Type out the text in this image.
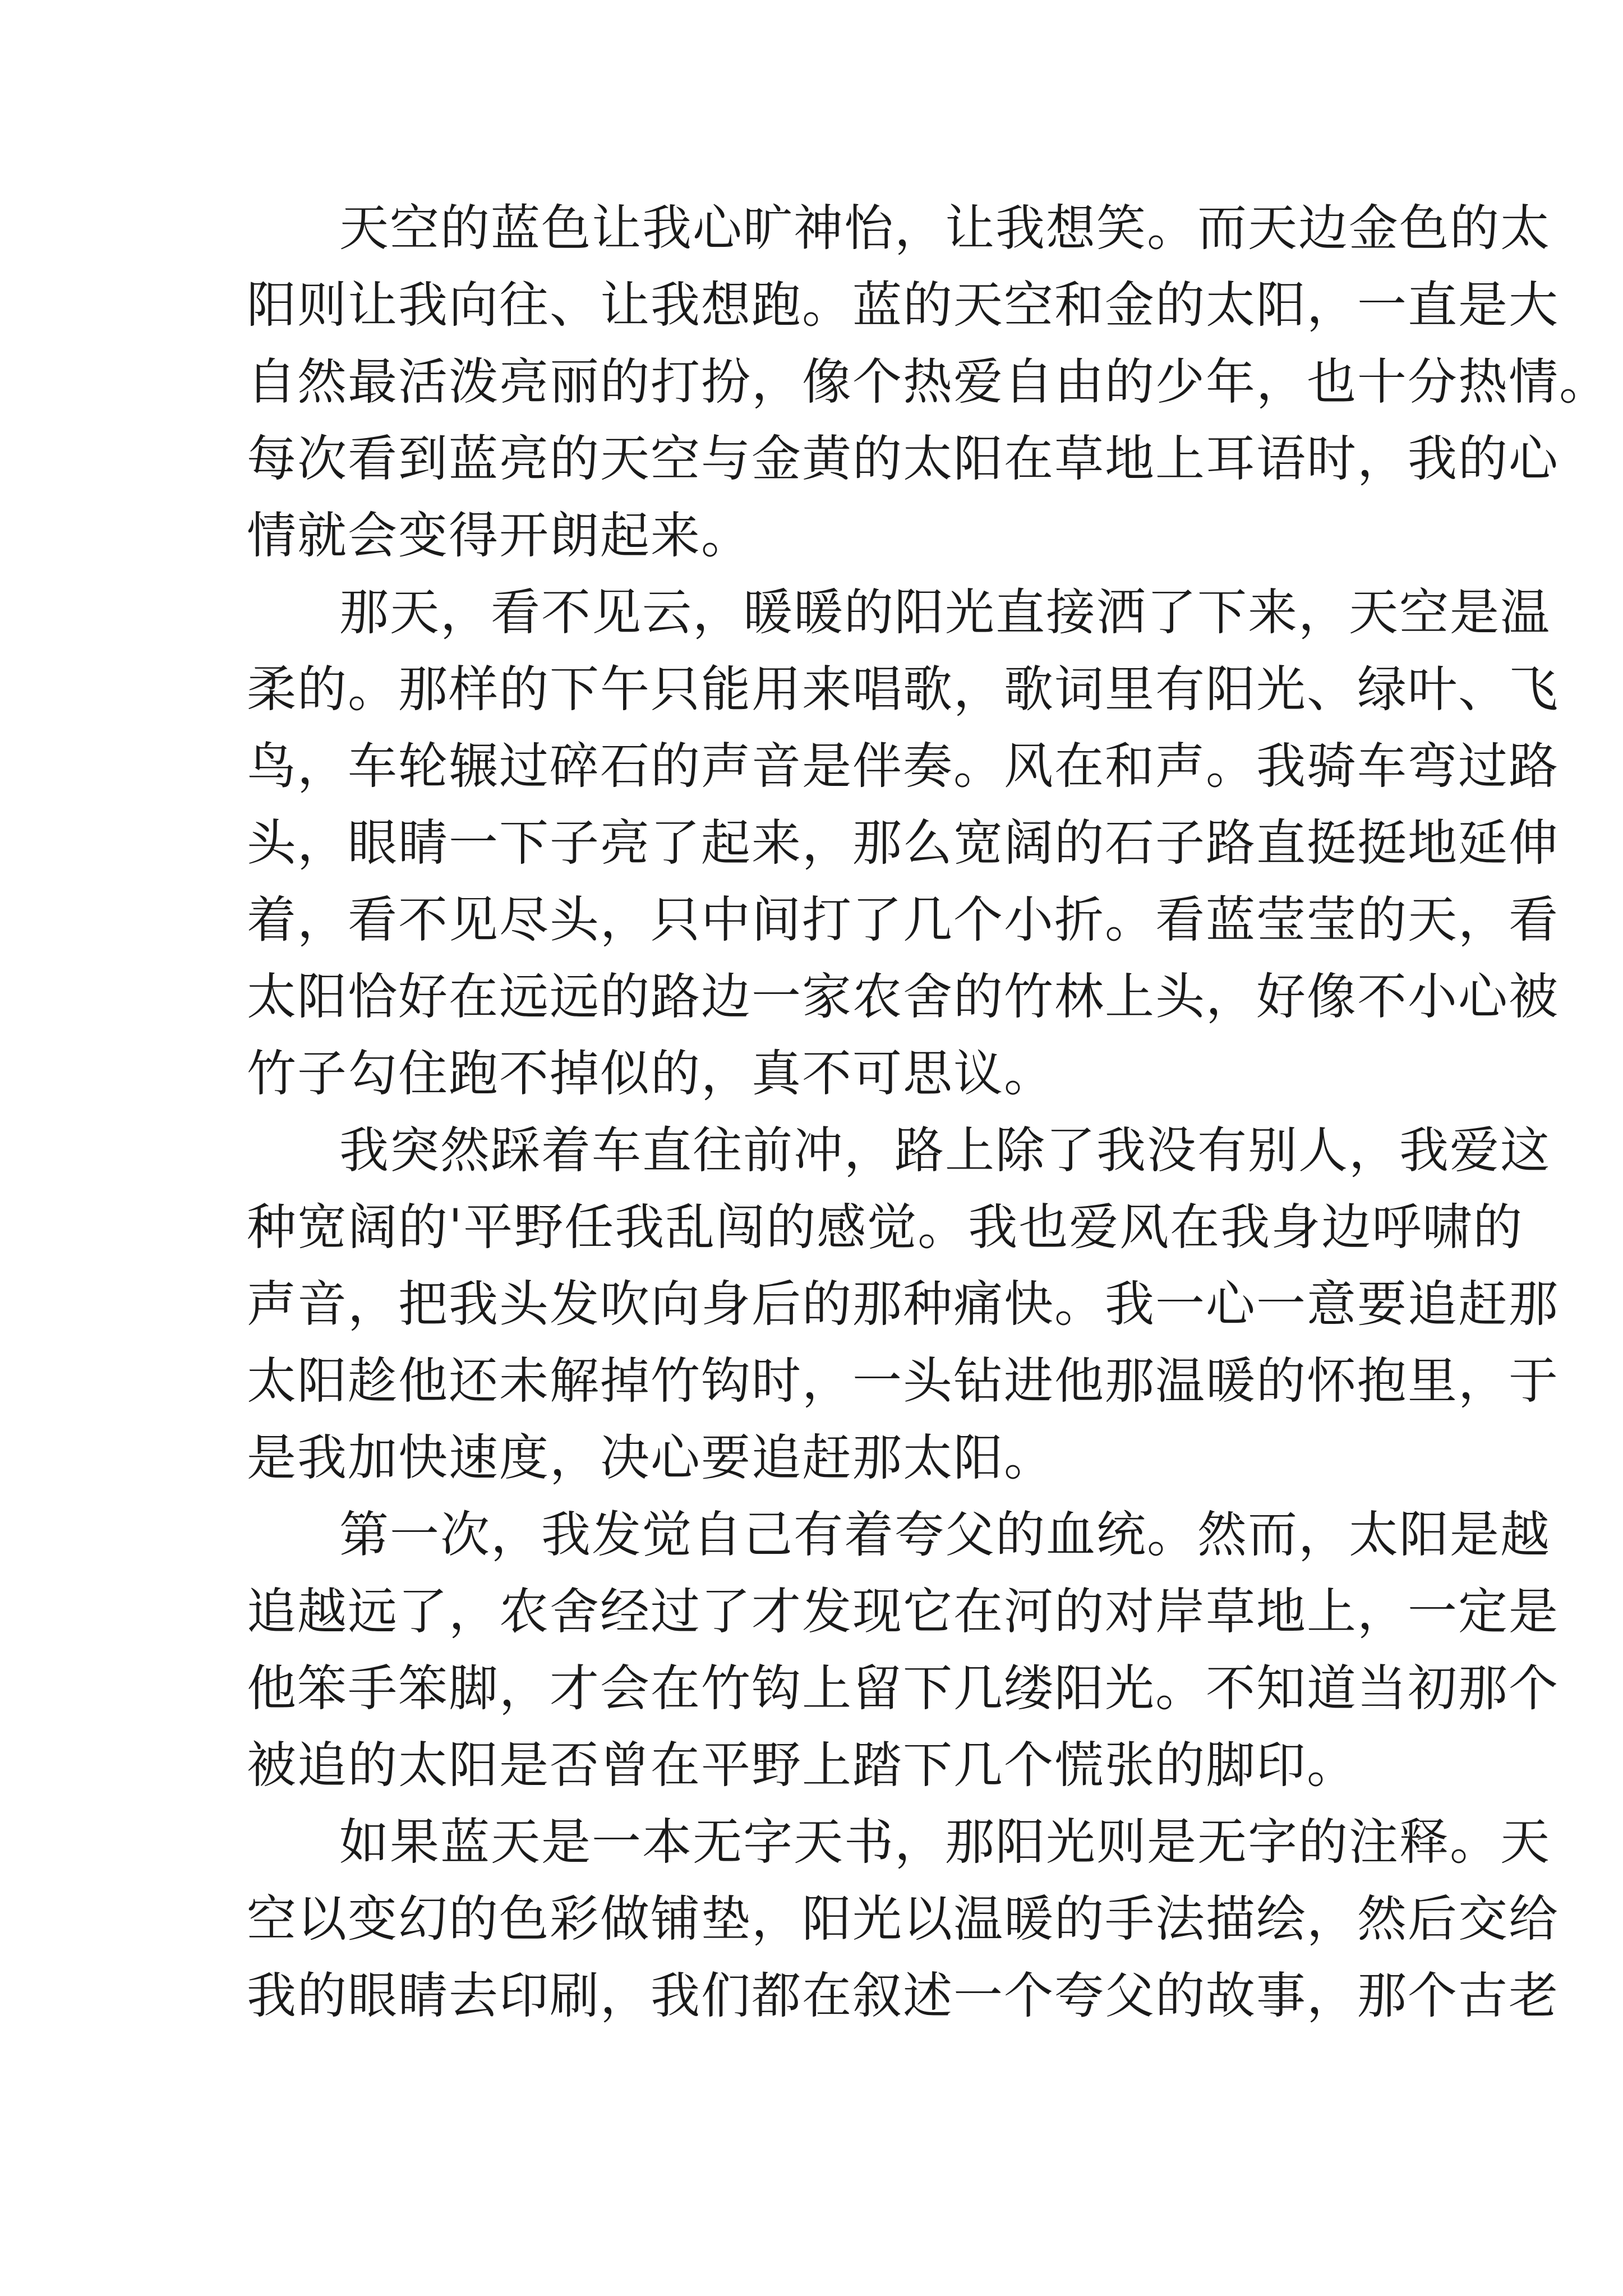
天空的蓝色让我心旷神怡，让我想笑。而天边金色的太
阳则让我向往、让我想跑。蓝的天空和金的太阳，一直是大
自然最活泼亮丽的打扮，像个热爱自由的少年，也十分热情。
每次看到蓝亮的天空与金黄的太阳在草地上耳语时，我的心
情就会变得开朗起来。
那天，看不见云，暖暖的阳光直接洒了下来，天空是温
柔的。那样的下午只能用来唱歌，歌词里有阳光、绿叶、飞
鸟，车轮辗过碎石的声音是伴奏。风在和声。我骑车弯过路
头，眼睛一下子亮了起来，那么宽阔的石子路直挺挺地延伸
着，看不见尽头，只中间打了几个小折。看蓝莹莹的天，看
太阳恰好在远远的路边一家农舍的竹林上头，好像不小心被
竹子勾住跑不掉似的，真不可思议。
我突然踩着车直往前冲，路上除了我没有别人，我爱这
种宽阔的'平野任我乱闯的感觉。我也爱风在我身边呼啸的
声音，把我头发吹向身后的那种痛快。我一心一意要追赶那
太阳趁他还未解掉竹钩时，一头钻进他那温暖的怀抱里，于
是我加快速度，决心要追赶那太阳。
第一次，我发觉自己有着夸父的血统。然而，太阳是越
追越远了，农舍经过了才发现它在河的对岸草地上，一定是
他笨手笨脚，才会在竹钩上留下几缕阳光。不知道当初那个
被追的太阳是否曾在平野上踏下几个慌张的脚印。
如果蓝天是一本无字天书，那阳光则是无字的注释。天
空以变幻的色彩做铺垫，阳光以温暖的手法描绘，然后交给
我的眼睛去印刷，我们都在叙述一个夸父的故事，那个古老
